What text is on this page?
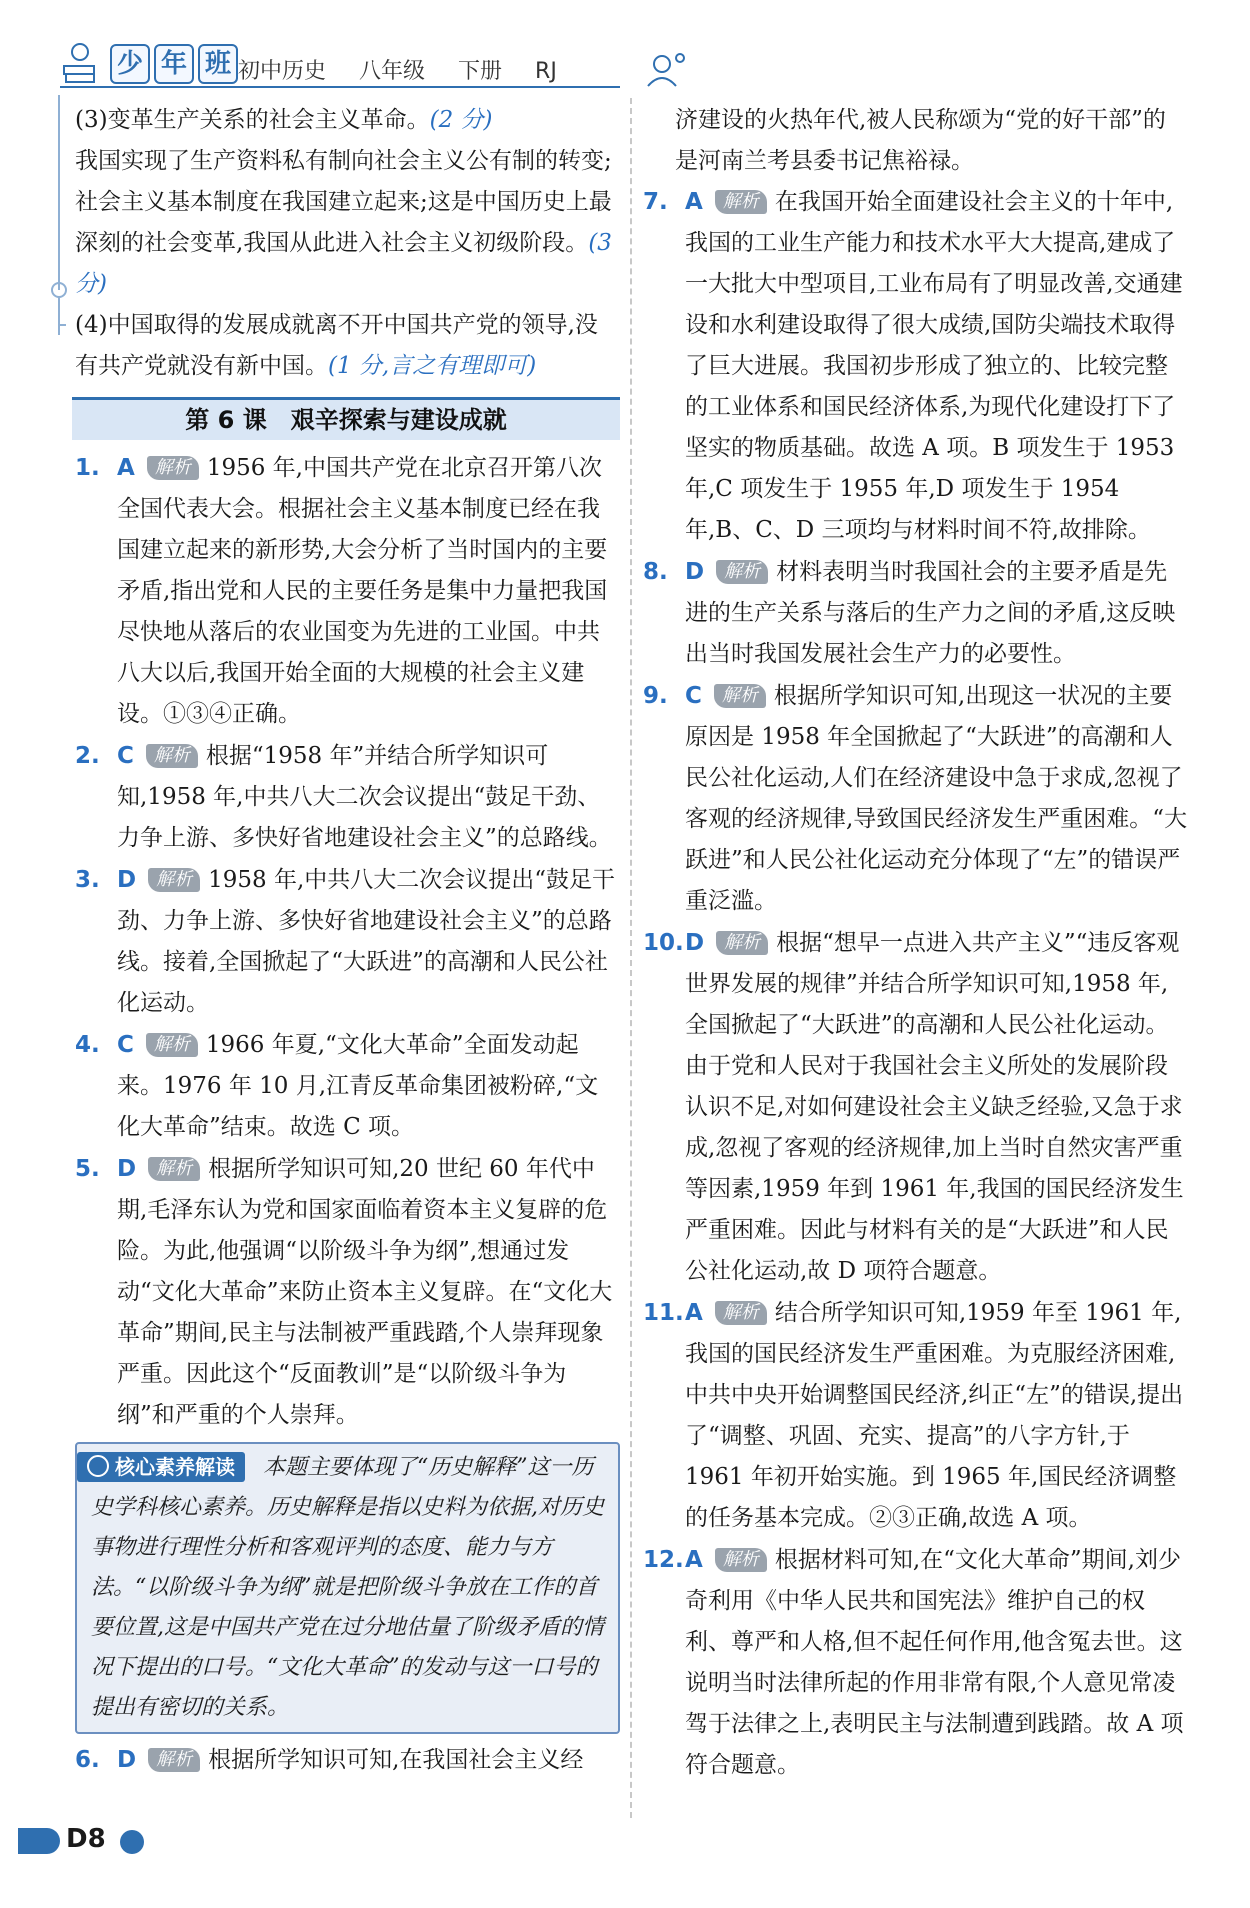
少 年 班 初中历史 八年级 下册 RJ

(3)变革生产关系的社会主义革命。(2 分)

我国实现了生产资料私有制向社会主义公有制的转变;社会主义基本制度在我国建立起来;这是中国历史上最深刻的社会变革,我国从此进入社会主义初级阶段。(3 分)

(4)中国取得的发展成就离不开中国共产党的领导,没有共产党就没有新中国。(1 分,言之有理即可)

第 6 课　艰辛探索与建设成就
1. A 解析 1956 年,中国共产党在北京召开第八次全国代表大会。根据社会主义基本制度已经在我国建立起来的新形势,大会分析了当时国内的主要矛盾,指出党和人民的主要任务是集中力量把我国尽快地从落后的农业国变为先进的工业国。中共八大以后,我国开始全面的大规模的社会主义建设。①③④正确。
2. C 解析 根据“1958 年”并结合所学知识可知,1958 年,中共八大二次会议提出“鼓足干劲、力争上游、多快好省地建设社会主义”的总路线。
3. D 解析 1958 年,中共八大二次会议提出“鼓足干劲、力争上游、多快好省地建设社会主义”的总路线。接着,全国掀起了“大跃进”的高潮和人民公社化运动。
4. C 解析 1966 年夏,“文化大革命”全面发动起来。1976 年 10 月,江青反革命集团被粉碎,“文化大革命”结束。故选 C 项。
5. D 解析 根据所学知识可知,20 世纪 60 年代中期,毛泽东认为党和国家面临着资本主义复辟的危险。为此,他强调“以阶级斗争为纲”,想通过发动“文化大革命”来防止资本主义复辟。在“文化大革命”期间,民主与法制被严重践踏,个人崇拜现象严重。因此这个“反面教训”是“以阶级斗争为纲”和严重的个人崇拜。
核心素养解读 本题主要体现了“历史解释”这一历史学科核心素养。历史解释是指以史料为依据,对历史事物进行理性分析和客观评判的态度、能力与方法。“以阶级斗争为纲”就是把阶级斗争放在工作的首要位置,这是中国共产党在过分地估量了阶级矛盾的情况下提出的口号。“文化大革命”的发动与这一口号的提出有密切的关系。
6. D 解析 根据所学知识可知,在我国社会主义经

济建设的火热年代,被人民称颂为“党的好干部”的是河南兰考县委书记焦裕禄。

7. A 解析 在我国开始全面建设社会主义的十年中,我国的工业生产能力和技术水平大大提高,建成了一大批大中型项目,工业布局有了明显改善,交通建设和水利建设取得了很大成绩,国防尖端技术取得了巨大进展。我国初步形成了独立的、比较完整的工业体系和国民经济体系,为现代化建设打下了坚实的物质基础。故选 A 项。B 项发生于 1953 年,C 项发生于 1955 年,D 项发生于 1954 年,B、C、D 三项均与材料时间不符,故排除。
8. D 解析 材料表明当时我国社会的主要矛盾是先进的生产关系与落后的生产力之间的矛盾,这反映出当时我国发展社会生产力的必要性。
9. C 解析 根据所学知识可知,出现这一状况的主要原因是 1958 年全国掀起了“大跃进”的高潮和人民公社化运动,人们在经济建设中急于求成,忽视了客观的经济规律,导致国民经济发生严重困难。“大跃进”和人民公社化运动充分体现了“左”的错误严重泛滥。
10.D 解析 根据“想早一点进入共产主义”“违反客观世界发展的规律”并结合所学知识可知,1958 年,全国掀起了“大跃进”的高潮和人民公社化运动。由于党和人民对于我国社会主义所处的发展阶段认识不足,对如何建设社会主义缺乏经验,又急于求成,忽视了客观的经济规律,加上当时自然灾害严重等因素,1959 年到 1961 年,我国的国民经济发生严重困难。因此与材料有关的是“大跃进”和人民公社化运动,故 D 项符合题意。
11.A 解析 结合所学知识可知,1959 年至 1961 年,我国的国民经济发生严重困难。为克服经济困难,中共中央开始调整国民经济,纠正“左”的错误,提出了“调整、巩固、充实、提高”的八字方针,于 1961 年初开始实施。到 1965 年,国民经济调整的任务基本完成。②③正确,故选 A 项。
12.A 解析 根据材料可知,在“文化大革命”期间,刘少奇利用《中华人民共和国宪法》维护自己的权利、尊严和人格,但不起任何作用,他含冤去世。这说明当时法律所起的作用非常有限,个人意见常凌驾于法律之上,表明民主与法制遭到践踏。故 A 项符合题意。
D8
